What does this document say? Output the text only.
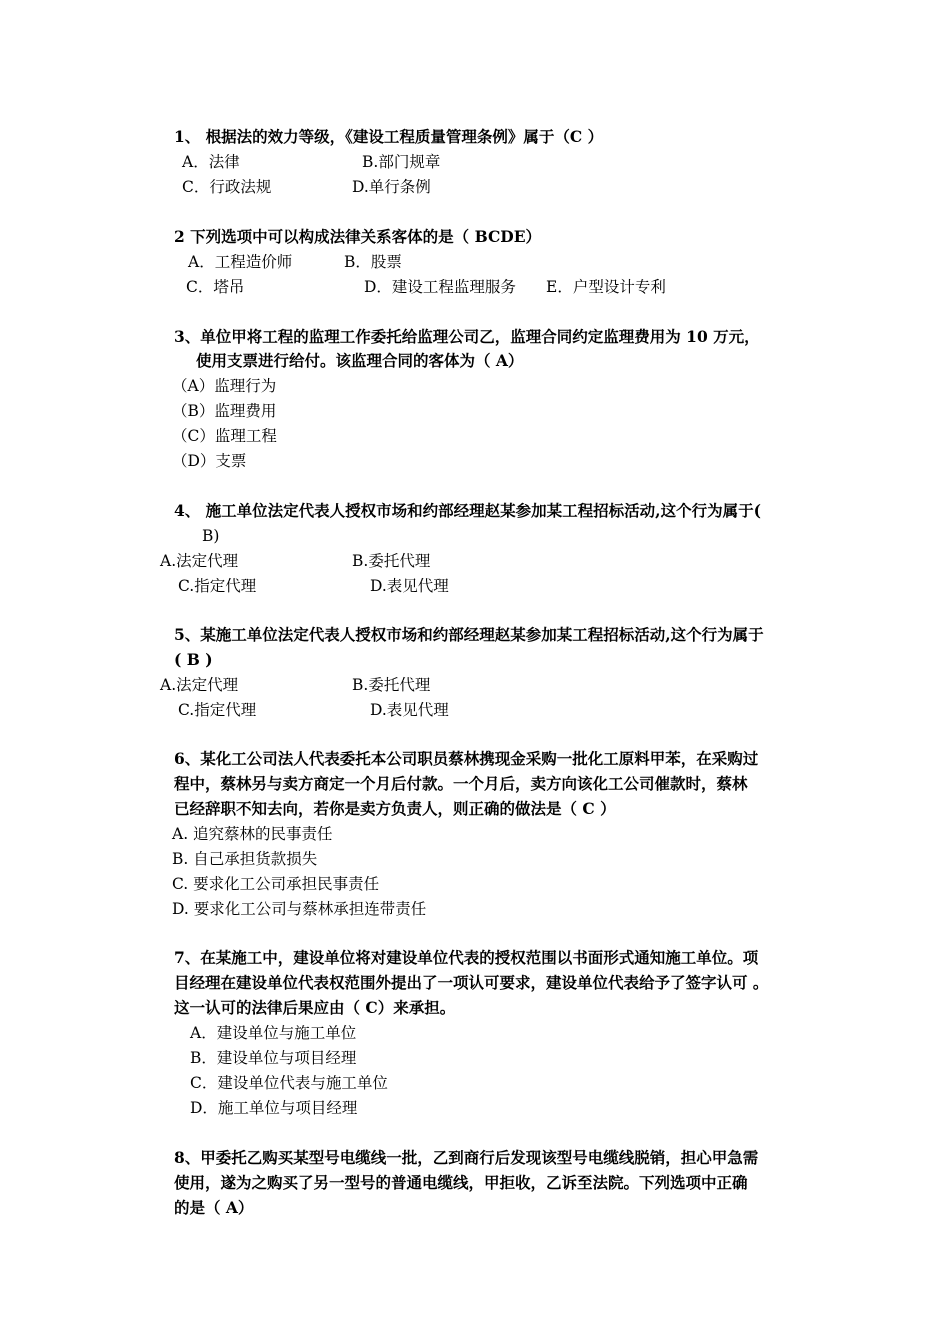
1、 根据法的效力等级，《建设工程质量管理条例》属于（C ）
A．法律	B.部门规章
C．行政法规	D.单行条例
2 下列选项中可以构成法律关系客体的是（ BCDE）
A．工程造价师	B．股票
C．塔吊	D．建设工程监理服务 E．户型设计专利
3、单位甲将工程的监理工作委托给监理公司乙，监理合同约定监理费用为 10 万元，
使用支票进行给付。该监理合同的客体为（ A）
（A）监理行为
（B）监理费用
（C）监理工程
（D）支票
4、 施工单位法定代表人授权市场和约部经理赵某参加某工程招标活动,这个行为属于(
B)
A.法定代理	B.委托代理
C.指定代理	D.表见代理
5、某施工单位法定代表人授权市场和约部经理赵某参加某工程招标活动,这个行为属于
( B )
A.法定代理	B.委托代理
C.指定代理	D.表见代理
6、某化工公司法人代表委托本公司职员蔡林携现金采购一批化工原料甲苯，在采购过
程中，蔡林另与卖方商定一个月后付款。一个月后，卖方向该化工公司催款时，蔡林
已经辞职不知去向，若你是卖方负责人，则正确的做法是（ C ）
A. 追究蔡林的民事责任
B. 自己承担货款损失
C. 要求化工公司承担民事责任
D. 要求化工公司与蔡林承担连带责任
7、在某施工中，建设单位将对建设单位代表的授权范围以书面形式通知施工单位。项
目经理在建设单位代表权范围外提出了一项认可要求，建设单位代表给予了签字认可 。
这一认可的法律后果应由（ C）来承担。
A．建设单位与施工单位
B．建设单位与项目经理
C．建设单位代表与施工单位
D．施工单位与项目经理
8、甲委托乙购买某型号电缆线一批，乙到商行后发现该型号电缆线脱销，担心甲急需
使用，遂为之购买了另一型号的普通电缆线，甲拒收，乙诉至法院。下列选项中正确
的是（ A）
